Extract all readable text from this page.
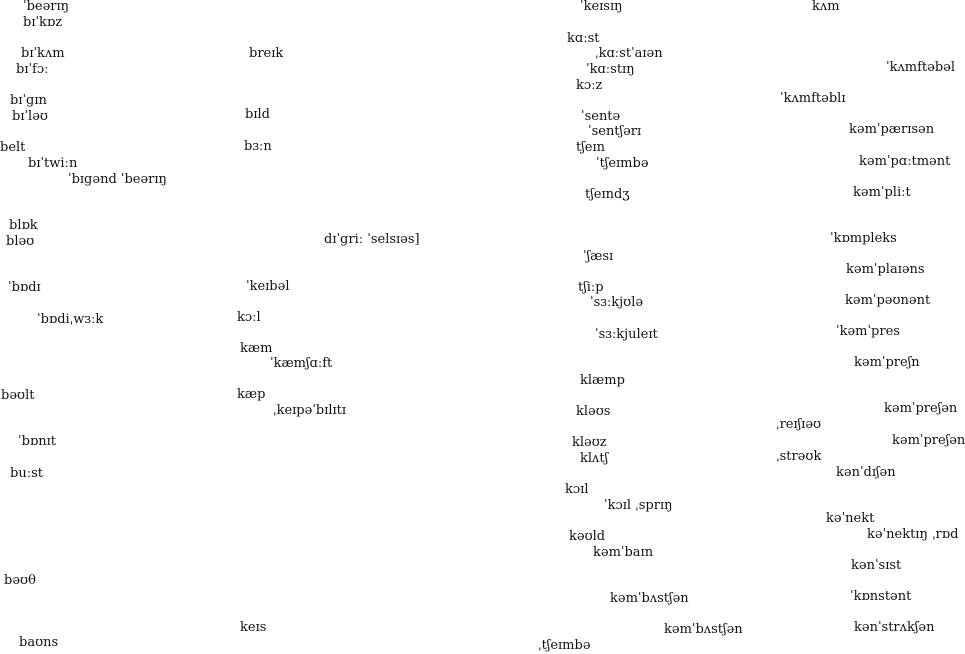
ˈbeərɪŋ
bɪˈkɒz
bɪˈkʌm
bɪˈfɔː
bɪˈgɪn
bɪˈləʊ
belt
bɪˈtwiːn
ˈbɪgənd ˈbeərɪŋ
blɒk
bləʊ
ˈbɒdɪ
ˈbɒdiˌwɜːk
bəʊlt
ˈbɒnɪt
buːst
bəʊθ
baʊns
breɪk
bɪld
bɜːn
dɪˈgriː ˈselsɪəs]
ˈkeɪbəl
kɔːl
kæm
ˈkæmʃɑːft
kæp
ˌkeɪpəˈbɪlɪtɪ
keɪs
ˈkeɪsɪŋ
kɑːst
ˌkɑːstˈaɪən
ˈkɑːstɪŋ
kɔːz
ˈsentə
ˈsentʃərɪ
tʃeɪn
ˈtʃeɪmbə
tʃeɪndʒ
ˈʃæsɪ
tʃiːp
ˈsɜːkjʊlə
ˈsɜːkjuleɪt
klæmp
kləʊs
kləʊz
klʌtʃ
kɔɪl
ˈkɔɪl ˌsprɪŋ
kəʊld
kəmˈbaɪn
kəmˈbʌstʃən
kəmˈbʌstʃən
ˌtʃeɪmbə
kʌm
ˈkʌmftəbəl
ˈkʌmftəblɪ
kəmˈpærɪsən
kəmˈpɑːtmənt
kəmˈpliːt
ˈkɒmpleks
kəmˈplaɪəns
kəmˈpəʊnənt
ˈkəmˈpres
kəmˈpreʃn
kəmˈpreʃən
ˌreɪʃɪəʊ
kəmˈpreʃən
ˌstrəʊk
kənˈdɪʃən
kəˈnekt
kəˈnektɪŋ ˌrɒd
kənˈsɪst
ˈkɒnstənt
kənˈstrʌkʃən
